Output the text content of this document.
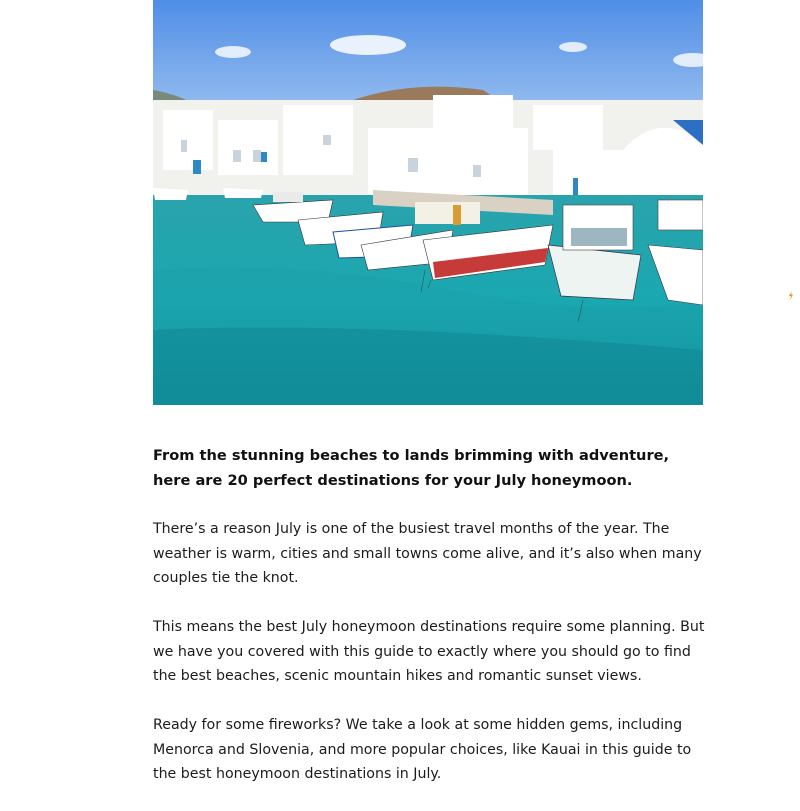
From the stunning beaches to lands brimming with adventure, here are 20 perfect destinations for your July honeymoon.

There’s a reason July is one of the busiest travel months of the year. The weather is warm, cities and small towns come alive, and it’s also when many couples tie the knot.

This means the best July honeymoon destinations require some planning. But we have you covered with this guide to exactly where you should go to find the best beaches, scenic mountain hikes and romantic sunset views.

Ready for some fireworks? We take a look at some hidden gems, including Menorca and Slovenia, and more popular choices, like Kauai in this guide to the best honeymoon destinations in July.
